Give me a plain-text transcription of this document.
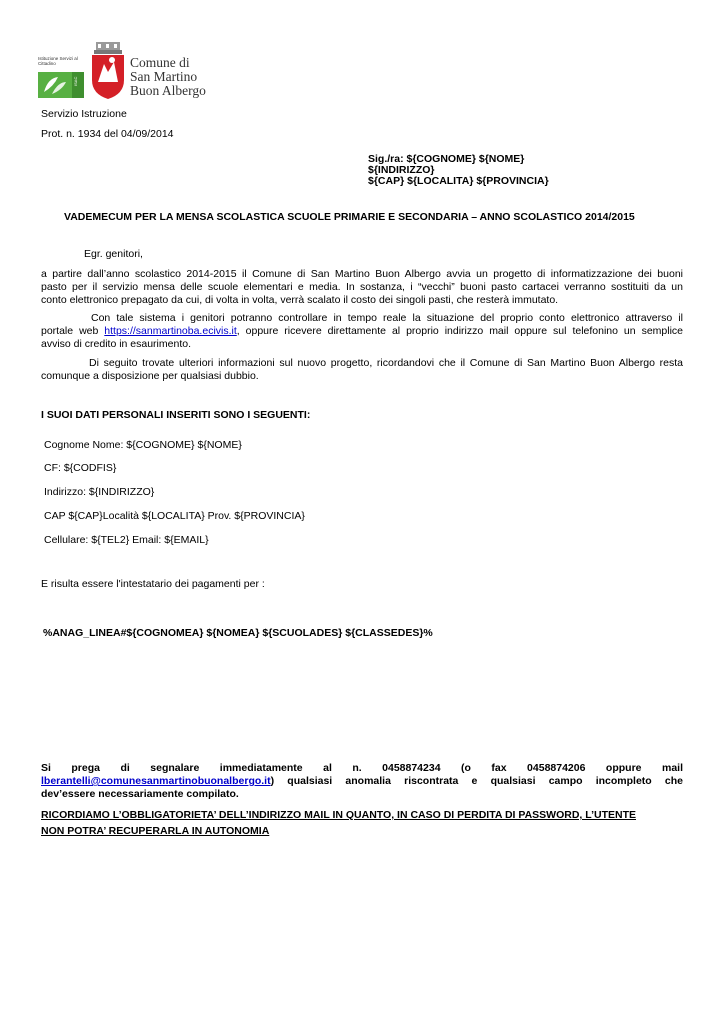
Istituzione Servizi al Cittadino
ISAC
Comune di
San Martino
Buon Albergo
Servizio Istruzione
Prot. n. 1934 del 04/09/2014
Sig./ra: ${COGNOME} ${NOME}
${INDIRIZZO}
${CAP} ${LOCALITA} ${PROVINCIA}
VADEMECUM PER LA MENSA SCOLASTICA SCUOLE PRIMARIE E SECONDARIA – ANNO SCOLASTICO 2014/2015
Egr. genitori,
a partire dall’anno scolastico 2014-2015 il Comune di San Martino Buon Albergo avvia un progetto di informatizzazione dei buoni
pasto per il servizio mensa delle scuole elementari e media. In sostanza, i “vecchi” buoni pasto cartacei verranno sostituiti da un
conto elettronico prepagato da cui, di volta in volta, verrà scalato il costo dei singoli pasti, che resterà immutato.
Con tale sistema i genitori potranno controllare in tempo reale la situazione del proprio conto elettronico attraverso il
portale web https://sanmartinoba.ecivis.it, oppure ricevere direttamente al proprio indirizzo mail oppure sul telefonino un semplice
avviso di credito in esaurimento.
Di seguito trovate ulteriori informazioni sul nuovo progetto, ricordandovi che il Comune di San Martino Buon Albergo resta
comunque a disposizione per qualsiasi dubbio.
I SUOI DATI PERSONALI INSERITI SONO I SEGUENTI:
Cognome Nome: ${COGNOME} ${NOME}
CF: ${CODFIS}
Indirizzo: ${INDIRIZZO}
CAP ${CAP}Località ${LOCALITA} Prov. ${PROVINCIA}
Cellulare: ${TEL2} Email: ${EMAIL}
E risulta essere l'intestatario dei pagamenti per :
%ANAG_LINEA#${COGNOMEA} ${NOMEA} ${SCUOLADES} ${CLASSEDES}%
Si prega di segnalare immediatamente al n. 0458874234 (o fax 0458874206 oppure mail
lberantelli@comunesanmartinobuonalbergo.it) qualsiasi anomalia riscontrata e qualsiasi campo incompleto che
dev’essere necessariamente compilato.
RICORDIAMO L’OBBLIGATORIETA’ DELL’INDIRIZZO MAIL IN QUANTO, IN CASO DI PERDITA DI PASSWORD, L’UTENTE
NON POTRA’ RECUPERARLA IN AUTONOMIA
